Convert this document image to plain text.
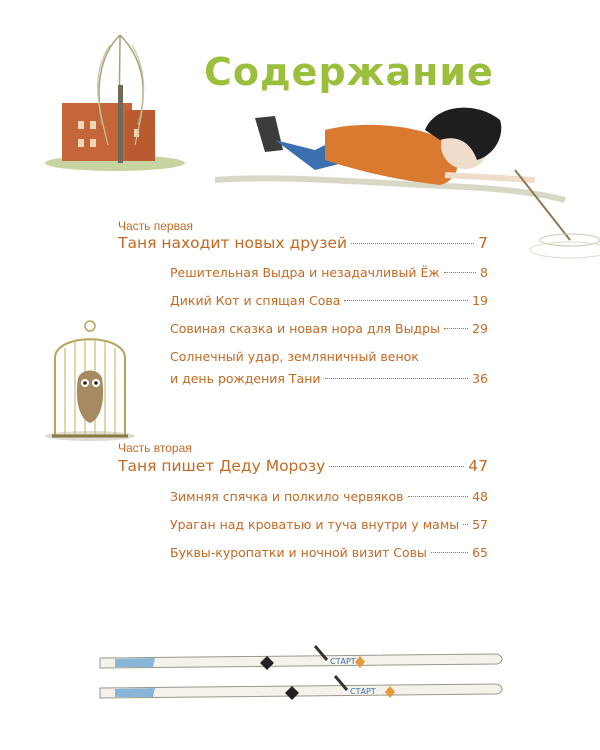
Содержание
Часть первая
Таня находит новых друзей	7
Решительная Выдра и незадачливый Ёж	8
Дикий Кот и спящая Сова	19
Совиная сказка и новая нора для Выдры	29
Солнечный удар, земляничный венок
и день рождения Тани	36
Часть вторая
Таня пишет Деду Морозу	47
Зимняя спячка и полкило червяков	48
Ураган над кроватью и туча внутри у мамы 57
Буквы-куропатки и ночной визит Совы	65
СТАРТ
СТАРТ
